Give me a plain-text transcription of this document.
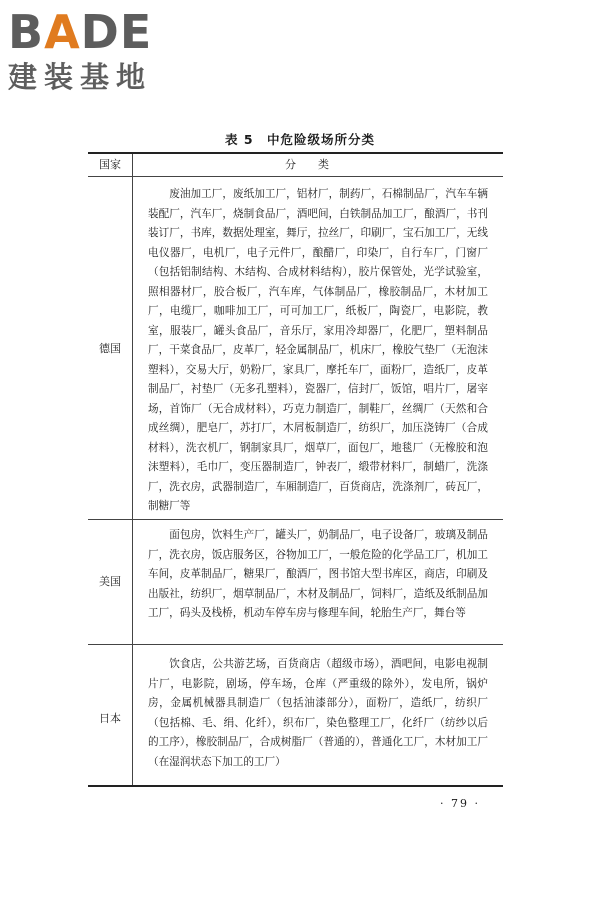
BADE
建装基地
表 5　中危险级场所分类
国家	分类
德国
废油加工厂，废纸加工厂，铝材厂，制药厂，石棉制品厂，汽车车辆装配厂，汽车厂，烧制食品厂，酒吧间，白铁制品加工厂，酿酒厂，书刊装订厂，书库，数据处理室，舞厅，拉丝厂，印刷厂，宝石加工厂，无线电仪器厂，电机厂，电子元件厂，酿醋厂，印染厂，自行车厂，门窗厂（包括铝制结构、木结构、合成材料结构），胶片保管处，光学试验室，照相器材厂，胶合板厂，汽车库，气体制品厂，橡胶制品厂，木材加工厂，电缆厂，咖啡加工厂，可可加工厂，纸板厂，陶瓷厂，电影院，教室，服装厂，罐头食品厂，音乐厅，家用冷却器厂，化肥厂，塑料制品厂，干菜食品厂，皮革厂，轻金属制品厂，机床厂，橡胶气垫厂（无泡沫塑料），交易大厅，奶粉厂，家具厂，摩托车厂，面粉厂，造纸厂，皮革制品厂，衬垫厂（无多孔塑料），瓷器厂，信封厂，饭馆，唱片厂，屠宰场，首饰厂（无合成材料），巧克力制造厂，制鞋厂，丝绸厂（天然和合成丝绸），肥皂厂，苏打厂，木屑板制造厂，纺织厂，加压浇铸厂（合成材料），洗衣机厂，钢制家具厂，烟草厂，面包厂，地毯厂（无橡胶和泡沫塑料），毛巾厂，变压器制造厂，钟表厂，缎带材料厂，制蜡厂，洗涤厂，洗衣房，武器制造厂，车厢制造厂，百货商店，洗涤剂厂，砖瓦厂，制糖厂等
美国
面包房，饮料生产厂，罐头厂，奶制品厂，电子设备厂，玻璃及制品厂，洗衣房，饭店服务区，谷物加工厂，一般危险的化学品工厂，机加工车间，皮革制品厂，糖果厂，酿酒厂，图书馆大型书库区，商店，印刷及出版社，纺织厂，烟草制品厂，木材及制品厂，饲料厂，造纸及纸制品加工厂，码头及栈桥，机动车停车房与修理车间，轮胎生产厂，舞台等
日本
饮食店，公共游艺场，百货商店（超级市场），酒吧间，电影电视制片厂，电影院，剧场，停车场，仓库（严重级的除外），发电所，锅炉房，金属机械器具制造厂（包括油漆部分），面粉厂，造纸厂，纺织厂（包括棉、毛、绢、化纤），织布厂，染色整理工厂，化纤厂（纺纱以后的工序），橡胶制品厂，合成树脂厂（普通的），普通化工厂，木材加工厂（在湿润状态下加工的工厂）
· 79 ·
